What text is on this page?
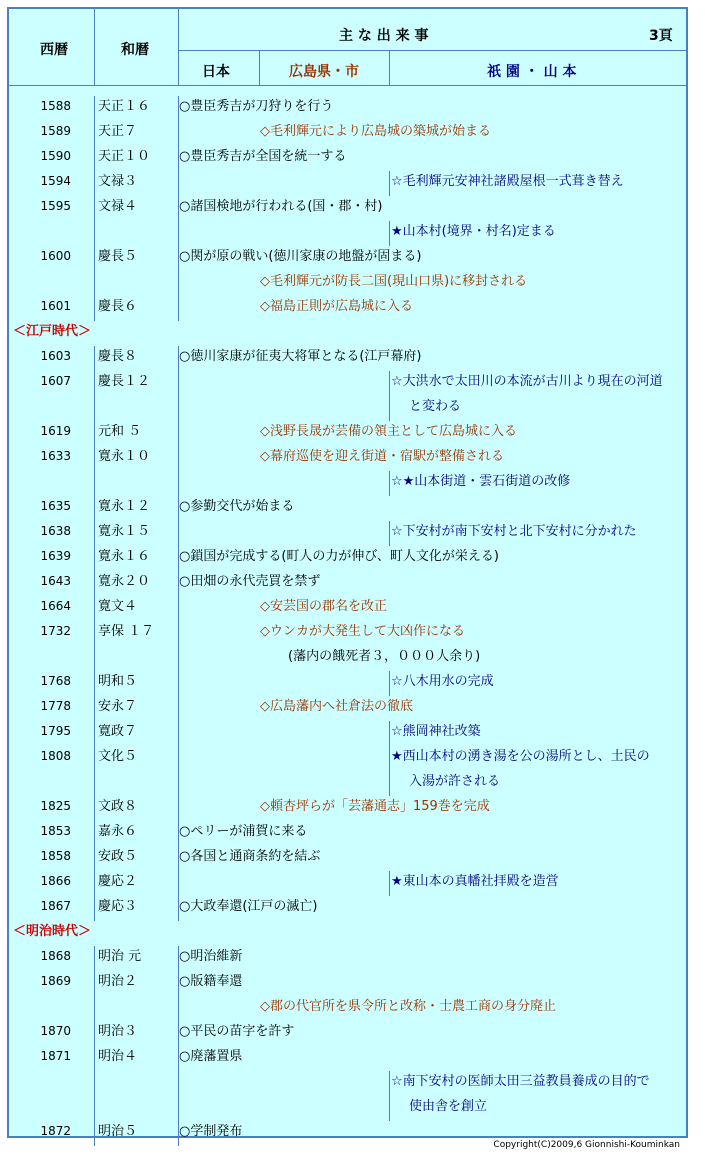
西暦	和暦
主 な 出 来 事	3頁
日本	広島県・市	祇 園 ・ 山 本
1588 天正１６ ○豊臣秀吉が刀狩りを行う
1589 天正７	◇毛利輝元により広島城の築城が始まる
1590 天正１０ ○豊臣秀吉が全国を統一する
1594 文禄３	☆毛利輝元安神社諸殿屋根一式葺き替え
1595 文禄４	○諸国検地が行われる(国・郡・村)
★山本村(境界・村名)定まる
1600 慶長５	○関が原の戦い(徳川家康の地盤が固まる)
◇毛利輝元が防長二国(現山口県)に移封される
1601 慶長６	◇福島正則が広島城に入る
＜江戸時代＞
1603 慶長８	○徳川家康が征夷大将軍となる(江戸幕府)
1607 慶長１２	☆大洪水で太田川の本流が古川より現在の河道
と変わる
1619 元和 ５	◇浅野長晟が芸備の領主として広島城に入る
1633 寛永１０	◇幕府巡使を迎え街道・宿駅が整備される
☆★山本街道・雲石街道の改修
1635 寛永１２ ○参勤交代が始まる
1638 寛永１５	☆下安村が南下安村と北下安村に分かれた
1639 寛永１６ ○鎖国が完成する(町人の力が伸び、町人文化が栄える)
1643 寛永２０ ○田畑の永代売買を禁ず
1664 寛文４	◇安芸国の郡名を改正
1732 享保 １７	◇ウンカが大発生して大凶作になる
(藩内の餓死者３，０００人余り)
1768 明和５	☆八木用水の完成
1778 安永７	◇広島藩内へ社倉法の徹底
1795 寛政７	☆熊岡神社改築
1808 文化５	★西山本村の湧き湯を公の湯所とし、土民の
入湯が許される
1825 文政８	◇頼杏坪らが「芸藩通志」159巻を完成
1853 嘉永６	○ペリーが浦賀に来る
1858 安政５	○各国と通商条約を結ぶ
1866 慶応２	★東山本の真幡社拝殿を造営
1867 慶応３	○大政奉還(江戸の滅亡)
＜明治時代＞
1868 明治 元	○明治維新
1869 明治２	○版籍奉還
◇郡の代官所を県令所と改称・士農工商の身分廃止
1870 明治３	○平民の苗字を許す
1871 明治４	○廃藩置県
☆南下安村の医師太田三益教員養成の目的で
使由舎を創立
1872 明治５	○学制発布
Copyright(C)2009,6 Gionnishi-Kouminkan
